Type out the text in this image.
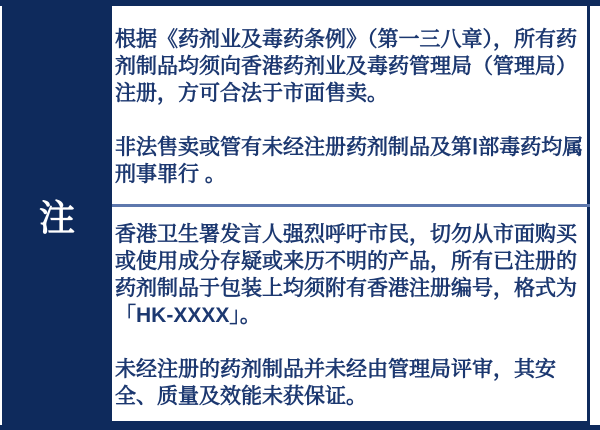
注

根据《药剂业及毒药条例》（第一三八章），所有药剂制品均须向香港药剂业及毒药管理局（管理局）注册，方可合法于市面售卖。

非法售卖或管有未经注册药剂制品及第Ⅰ部毒药均属刑事罪行 。

香港卫生署发言人强烈呼吁市民，切勿从市面购买或使用成分存疑或来历不明的产品，所有已注册的药剂制品于包装上均须附有香港注册编号，格式为「HK-XXXX」。

未经注册的药剂制品并未经由管理局评审，其安全、质量及效能未获保证。
